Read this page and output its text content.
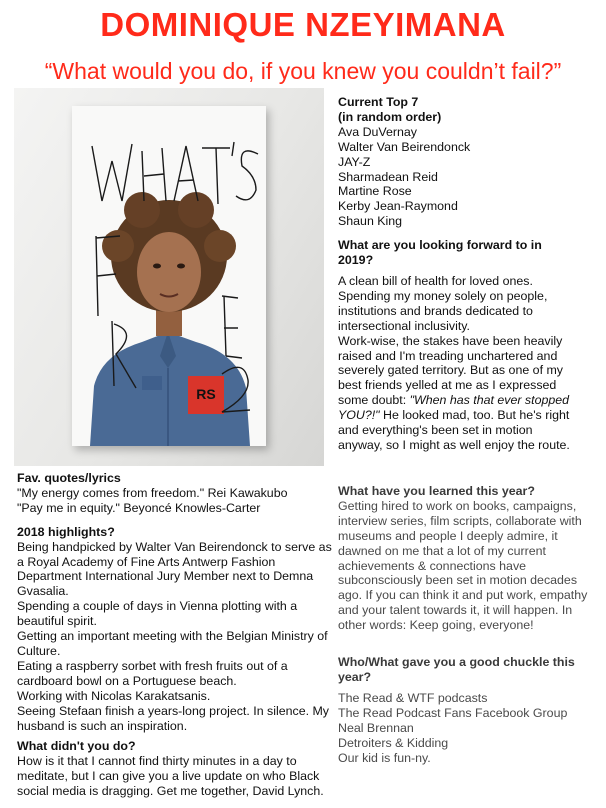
DOMINIQUE NZEYIMANA

“What would you do, if you knew you couldn’t fail?”

RS
Current Top 7
(in random order)
Ava DuVernay
Walter Van Beirendonck
JAY-Z
Sharmadean Reid
Martine Rose
Kerby Jean-Raymond
Shaun King
What are you looking forward to in 2019?

A clean bill of health for loved ones. Spending my money solely on people, institutions and brands dedicated to intersectional inclusivity.

Work-wise, the stakes have been heavily raised and I'm treading unchartered and severely gated territory. But as one of my best friends yelled at me as I expressed some doubt: "When has that ever stopped YOU?!" He looked mad, too. But he's right and everything's been set in motion anyway, so I might as well enjoy the route.

Fav. quotes/lyrics

"My energy comes from freedom." Rei Kawakubo

"Pay me in equity." Beyoncé Knowles-Carter

2018 highlights?

Being handpicked by Walter Van Beirendonck to serve as a Royal Academy of Fine Arts Antwerp Fashion Department International Jury Member next to Demna Gvasalia.

Spending a couple of days in Vienna plotting with a beautiful spirit.

Getting an important meeting with the Belgian Ministry of Culture.

Eating a raspberry sorbet with fresh fruits out of a cardboard bowl on a Portuguese beach.

Working with Nicolas Karakatsanis.

Seeing Stefaan finish a years-long project. In silence. My husband is such an inspiration.

What didn't you do?

How is it that I cannot find thirty minutes in a day to meditate, but I can give you a live update on who Black social media is dragging. Get me together, David Lynch.

What have you learned this year?

Getting hired to work on books, campaigns, interview series, film scripts, collaborate with museums and people I deeply admire, it dawned on me that a lot of my current achievements & connections have subconsciously been set in motion decades ago. If you can think it and put work, empathy and your talent towards it, it will happen. In other words: Keep going, everyone!

Who/What gave you a good chuckle this year?
The Read & WTF podcasts
The Read Podcast Fans Facebook Group
Neal Brennan
Detroiters & Kidding
Our kid is fun-ny.
